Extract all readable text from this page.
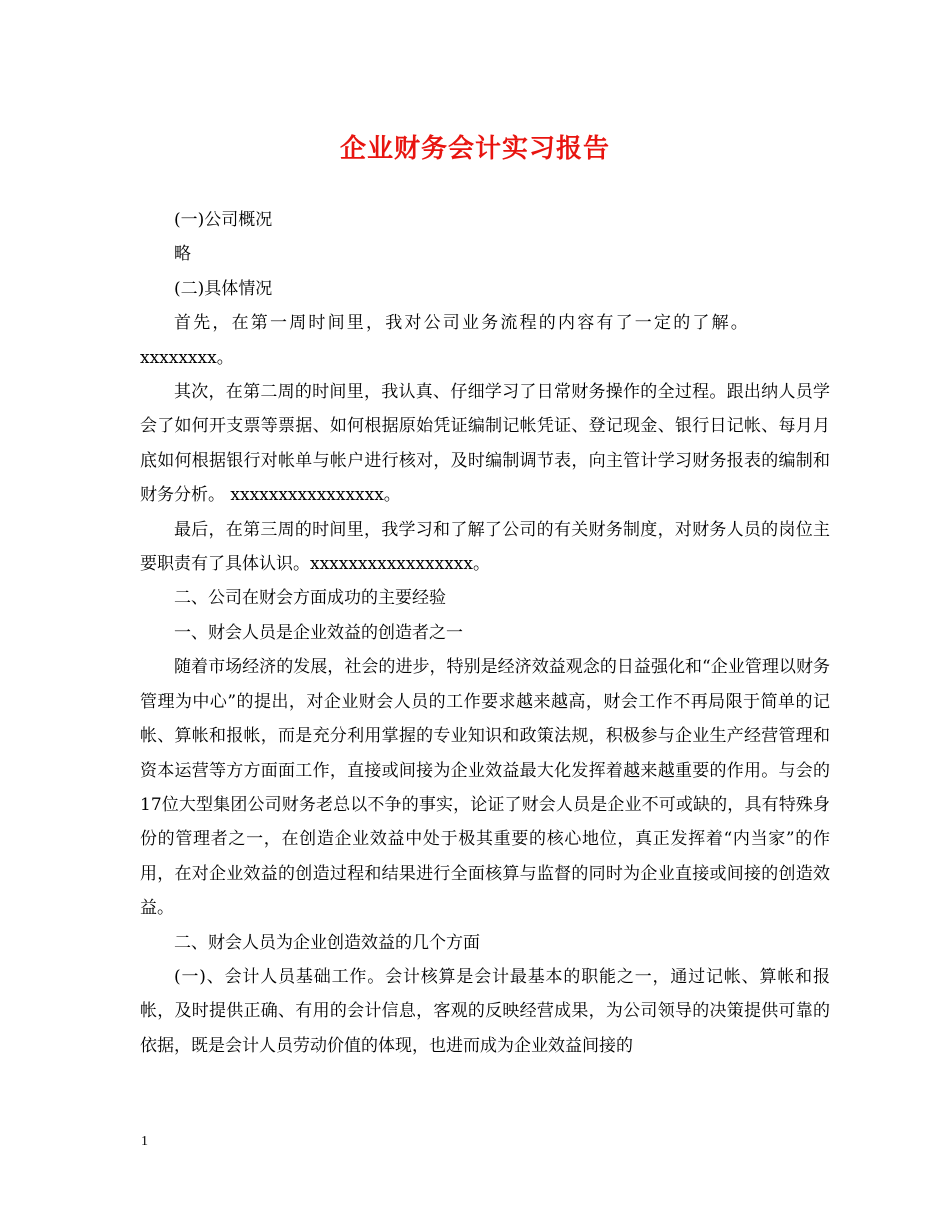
企业财务会计实习报告

(一)公司概况

略

(二)具体情况

首先，在第一周时间里，我对公司业务流程的内容有了一定的了解。

xxxxxxxx。

其次，在第二周的时间里，我认真、仔细学习了日常财务操作的全过程。跟出纳人员学会了如何开支票等票据、如何根据原始凭证编制记帐凭证、登记现金、银行日记帐、每月月底如何根据银行对帐单与帐户进行核对，及时编制调节表，向主管计学习财务报表的编制和财务分析。 xxxxxxxxxxxxxxxx。

最后，在第三周的时间里，我学习和了解了公司的有关财务制度，对财务人员的岗位主要职责有了具体认识。xxxxxxxxxxxxxxxxx。

二、公司在财会方面成功的主要经验

一、财会人员是企业效益的创造者之一

随着市场经济的发展，社会的进步，特别是经济效益观念的日益强化和“企业管理以财务管理为中心”的提出，对企业财会人员的工作要求越来越高，财会工作不再局限于简单的记帐、算帐和报帐，而是充分利用掌握的专业知识和政策法规，积极参与企业生产经营管理和资本运营等方方面面工作，直接或间接为企业效益最大化发挥着越来越重要的作用。与会的17位大型集团公司财务老总以不争的事实，论证了财会人员是企业不可或缺的，具有特殊身份的管理者之一，在创造企业效益中处于极其重要的核心地位，真正发挥着“内当家”的作用，在对企业效益的创造过程和结果进行全面核算与监督的同时为企业直接或间接的创造效益。

二、财会人员为企业创造效益的几个方面

(一)、会计人员基础工作。会计核算是会计最基本的职能之一，通过记帐、算帐和报帐，及时提供正确、有用的会计信息，客观的反映经营成果，为公司领导的决策提供可靠的依据，既是会计人员劳动价值的体现，也进而成为企业效益间接的

1
